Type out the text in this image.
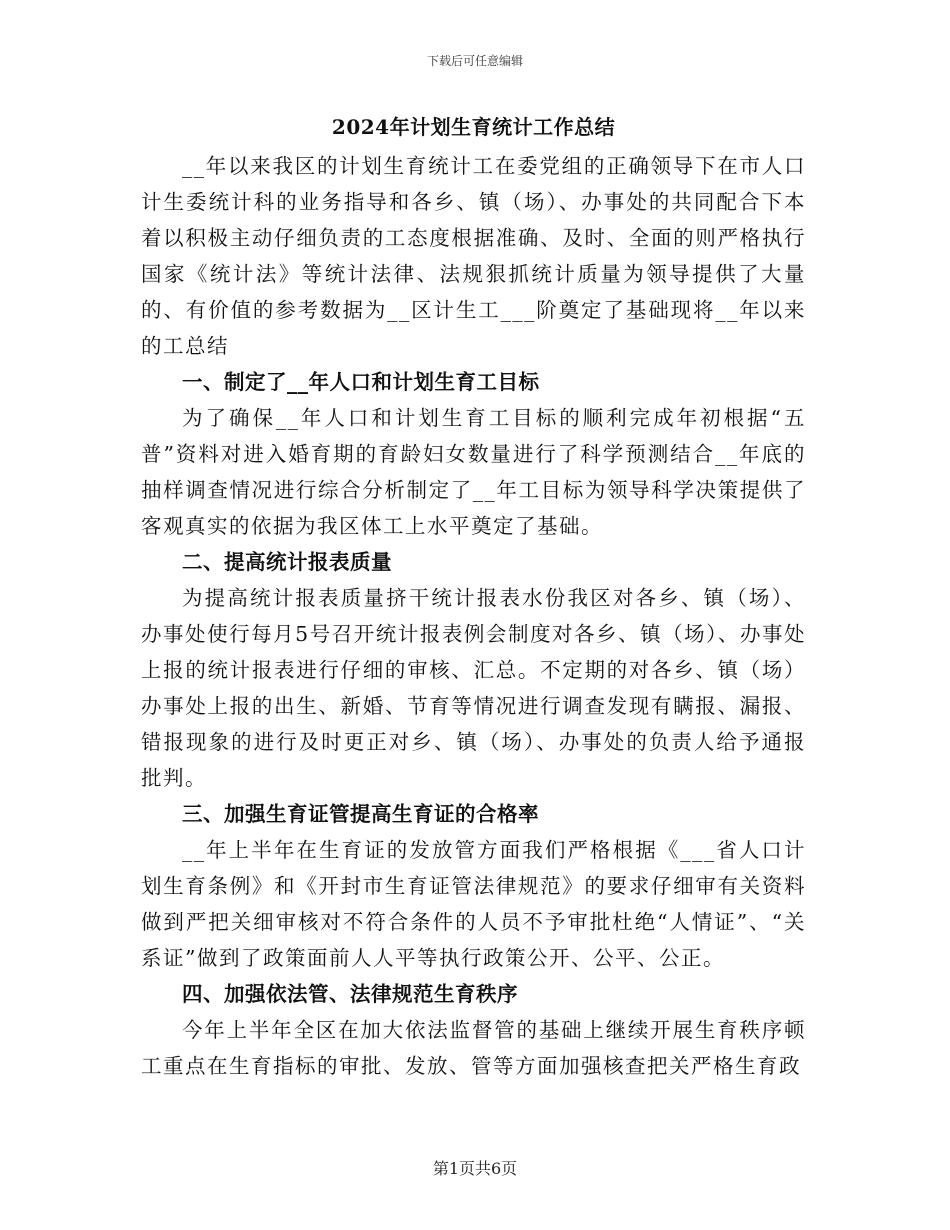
下载后可任意编辑
2024年计划生育统计工作总结

__年以来我区的计划生育统计工在委党组的正确领导下在市人口计生委统计科的业务指导和各乡、镇（场）、办事处的共同配合下本着以积极主动仔细负责的工态度根据准确、及时、全面的则严格执行国家《统计法》等统计法律、法规狠抓统计质量为领导提供了大量的、有价值的参考数据为__区计生工___阶奠定了基础现将__年以来的工总结

一、制定了__年人口和计划生育工目标

为了确保__年人口和计划生育工目标的顺利完成年初根据“五普”资料对进入婚育期的育龄妇女数量进行了科学预测结合__年底的抽样调查情况进行综合分析制定了__年工目标为领导科学决策提供了客观真实的依据为我区体工上水平奠定了基础。

二、提高统计报表质量

为提高统计报表质量挤干统计报表水份我区对各乡、镇（场）、办事处使行每月5号召开统计报表例会制度对各乡、镇（场）、办事处上报的统计报表进行仔细的审核、汇总。不定期的对各乡、镇（场）办事处上报的出生、新婚、节育等情况进行调查发现有瞒报、漏报、错报现象的进行及时更正对乡、镇（场）、办事处的负责人给予通报批判。

三、加强生育证管提高生育证的合格率

__年上半年在生育证的发放管方面我们严格根据《___省人口计划生育条例》和《开封市生育证管法律规范》的要求仔细审有关资料做到严把关细审核对不符合条件的人员不予审批杜绝“人情证”、“关系证”做到了政策面前人人平等执行政策公开、公平、公正。

四、加强依法管、法律规范生育秩序

今年上半年全区在加大依法监督管的基础上继续开展生育秩序顿工重点在生育指标的审批、发放、管等方面加强核查把关严格生育政

第1页共6页
